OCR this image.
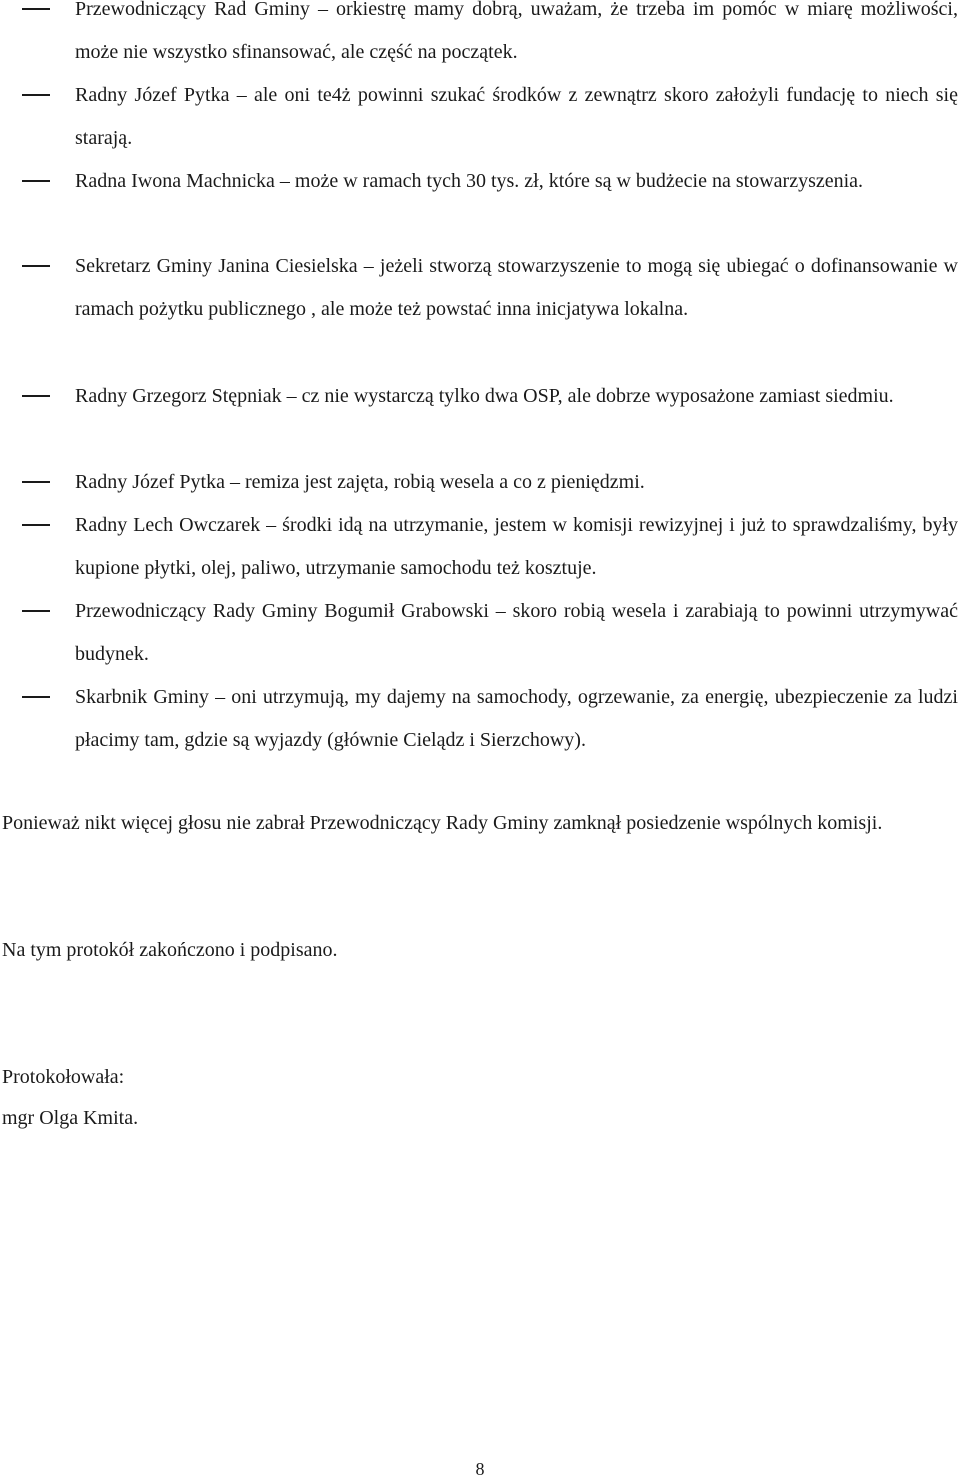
Przewodniczący Rad Gminy – orkiestrę mamy dobrą, uważam, że trzeba im pomóc w miarę możliwości, może nie wszystko sfinansować, ale część na początek.
Radny Józef Pytka – ale oni te4ż powinni szukać środków z zewnątrz skoro założyli fundację to niech się starają.
Radna Iwona Machnicka – może w ramach tych 30 tys. zł, które są w budżecie na stowarzyszenia.
Sekretarz Gminy Janina Ciesielska – jeżeli stworzą stowarzyszenie to mogą się ubiegać o dofinansowanie w ramach pożytku publicznego , ale może też powstać inna inicjatywa lokalna.
Radny Grzegorz Stępniak – cz nie wystarczą tylko dwa OSP, ale dobrze wyposażone zamiast siedmiu.
Radny Józef Pytka – remiza jest zajęta, robią wesela a co z pieniędzmi.
Radny Lech Owczarek – środki idą na utrzymanie, jestem w komisji rewizyjnej i już to sprawdzaliśmy, były kupione płytki, olej, paliwo, utrzymanie samochodu też kosztuje.
Przewodniczący Rady Gminy Bogumił Grabowski – skoro robią wesela i zarabiają to powinni utrzymywać budynek.
Skarbnik Gminy – oni utrzymują, my dajemy na samochody, ogrzewanie, za energię, ubezpieczenie za ludzi płacimy tam, gdzie są wyjazdy (głównie Cielądz i Sierzchowy).

Ponieważ nikt więcej głosu nie zabrał Przewodniczący Rady Gminy zamknął posiedzenie wspólnych komisji.

Na tym protokół zakończono i podpisano.

Protokołowała:
mgr Olga Kmita.
8
